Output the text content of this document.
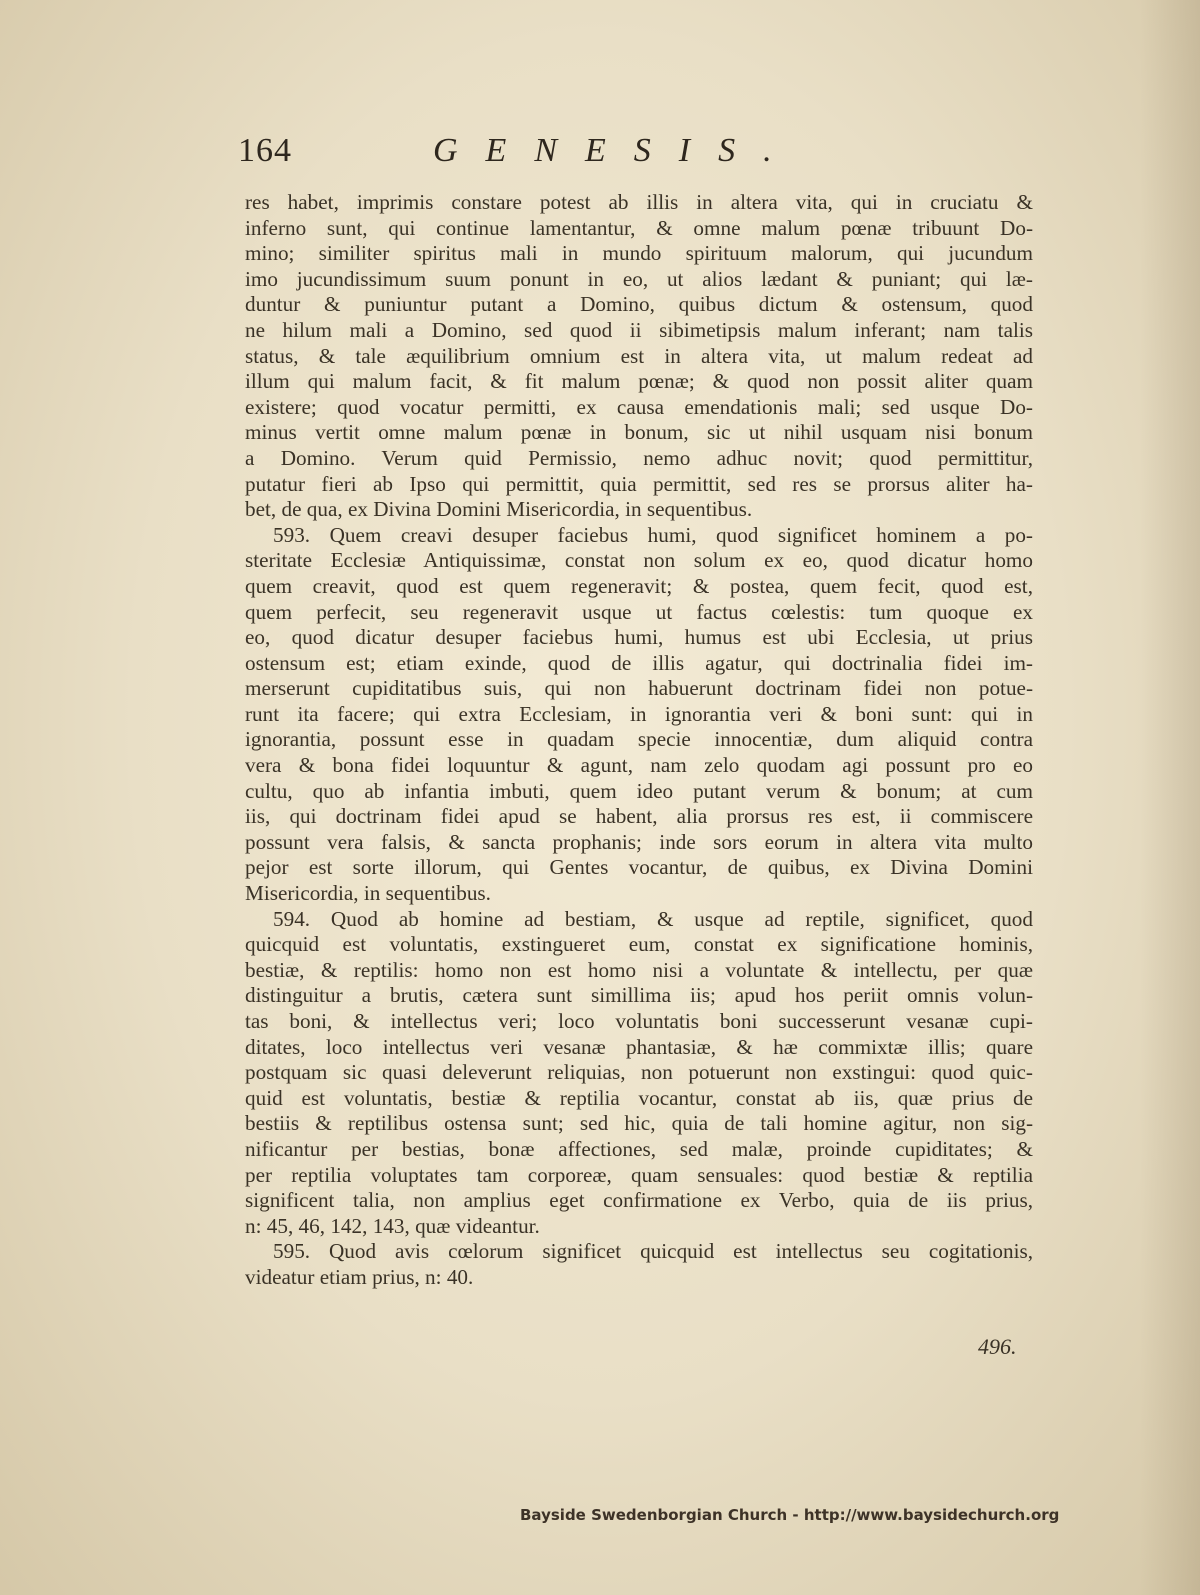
164	GENESIS.
res habet, imprimis constare potest ab illis in altera vita, qui in cruciatu &
inferno sunt, qui continue lamentantur, & omne malum pœnæ tribuunt Do-
mino; similiter spiritus mali in mundo spirituum malorum, qui jucundum
imo jucundissimum suum ponunt in eo, ut alios lædant & puniant; qui læ-
duntur & puniuntur putant a Domino, quibus dictum & ostensum, quod
ne hilum mali a Domino, sed quod ii sibimetipsis malum inferant; nam talis
status, & tale æquilibrium omnium est in altera vita, ut malum redeat ad
illum qui malum facit, & fit malum pœnæ; & quod non possit aliter quam
existere; quod vocatur permitti, ex causa emendationis mali; sed usque Do-
minus vertit omne malum pœnæ in bonum, sic ut nihil usquam nisi bonum
a Domino. Verum quid Permissio, nemo adhuc novit; quod permittitur,
putatur fieri ab Ipso qui permittit, quia permittit, sed res se prorsus aliter ha-
bet, de qua, ex Divina Domini Misericordia, in sequentibus.
593. Quem creavi desuper faciebus humi, quod significet hominem a po-
steritate Ecclesiæ Antiquissimæ, constat non solum ex eo, quod dicatur homo
quem creavit, quod est quem regeneravit; & postea, quem fecit, quod est,
quem perfecit, seu regeneravit usque ut factus cœlestis: tum quoque ex
eo, quod dicatur desuper faciebus humi, humus est ubi Ecclesia, ut prius
ostensum est; etiam exinde, quod de illis agatur, qui doctrinalia fidei im-
merserunt cupiditatibus suis, qui non habuerunt doctrinam fidei non potue-
runt ita facere; qui extra Ecclesiam, in ignorantia veri & boni sunt: qui in
ignorantia, possunt esse in quadam specie innocentiæ, dum aliquid contra
vera & bona fidei loquuntur & agunt, nam zelo quodam agi possunt pro eo
cultu, quo ab infantia imbuti, quem ideo putant verum & bonum; at cum
iis, qui doctrinam fidei apud se habent, alia prorsus res est, ii commiscere
possunt vera falsis, & sancta prophanis; inde sors eorum in altera vita multo
pejor est sorte illorum, qui Gentes vocantur, de quibus, ex Divina Domini
Misericordia, in sequentibus.
594. Quod ab homine ad bestiam, & usque ad reptile, significet, quod
quicquid est voluntatis, exstingueret eum, constat ex significatione hominis,
bestiæ, & reptilis: homo non est homo nisi a voluntate & intellectu, per quæ
distinguitur a brutis, cætera sunt simillima iis; apud hos periit omnis volun-
tas boni, & intellectus veri; loco voluntatis boni successerunt vesanæ cupi-
ditates, loco intellectus veri vesanæ phantasiæ, & hæ commixtæ illis; quare
postquam sic quasi deleverunt reliquias, non potuerunt non exstingui: quod quic-
quid est voluntatis, bestiæ & reptilia vocantur, constat ab iis, quæ prius de
bestiis & reptilibus ostensa sunt; sed hic, quia de tali homine agitur, non sig-
nificantur per bestias, bonæ affectiones, sed malæ, proinde cupiditates; &
per reptilia voluptates tam corporeæ, quam sensuales: quod bestiæ & reptilia
significent talia, non amplius eget confirmatione ex Verbo, quia de iis prius,
n: 45, 46, 142, 143, quæ videantur.
595. Quod avis cœlorum significet quicquid est intellectus seu cogitationis,
videatur etiam prius, n: 40.
496.
Bayside Swedenborgian Church - http://www.baysidechurch.org
